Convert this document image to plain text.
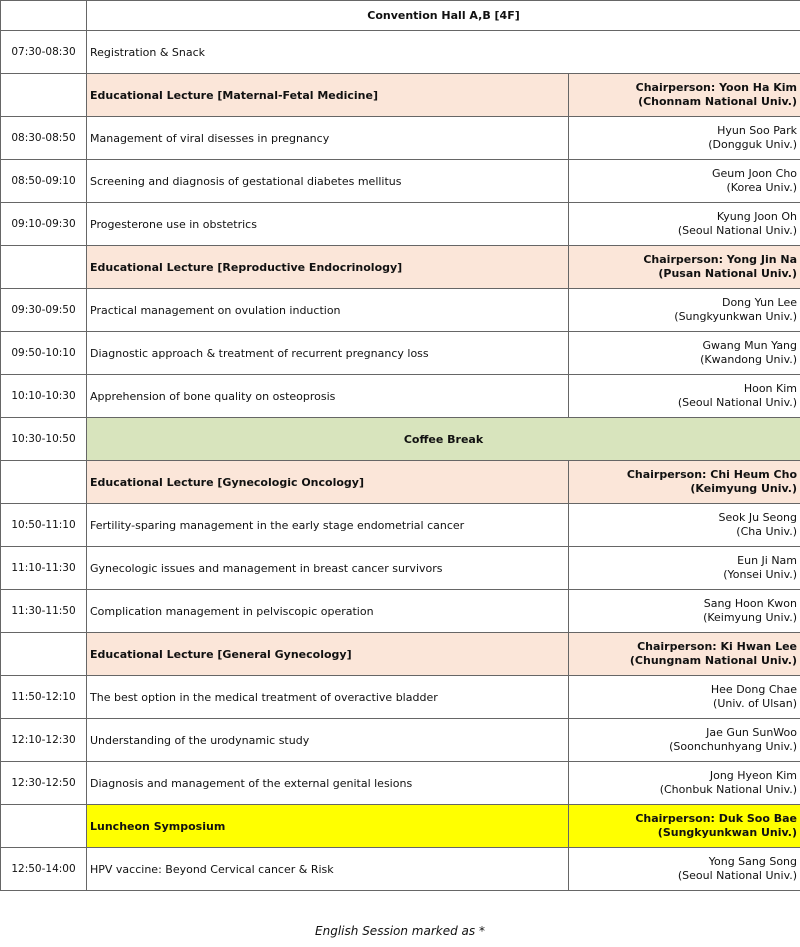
	Convention Hall A,B [4F]	
07:30-08:30	Registration & Snack	
	Educational Lecture [Maternal-Fetal Medicine]	Chairperson: Yoon Ha Kim
(Chonnam National Univ.)

08:30-08:50	Management of viral disesses in pregnancy	Hyun Soo Park
(Dongguk Univ.)

08:50-09:10	Screening and diagnosis of gestational diabetes mellitus	Geum Joon Cho
(Korea Univ.)

09:10-09:30	Progesterone use in obstetrics	Kyung Joon Oh
(Seoul National Univ.)

	Educational Lecture [Reproductive Endocrinology]	Chairperson: Yong Jin Na
(Pusan National Univ.)

09:30-09:50	Practical management on ovulation induction	Dong Yun Lee
(Sungkyunkwan Univ.)

09:50-10:10	Diagnostic approach & treatment of recurrent pregnancy loss	Gwang Mun Yang
(Kwandong Univ.)

10:10-10:30	Apprehension of bone quality on osteoprosis	Hoon Kim
(Seoul National Univ.)

10:30-10:50	Coffee Break	
	Educational Lecture [Gynecologic Oncology]	Chairperson: Chi Heum Cho
(Keimyung Univ.)

10:50-11:10	Fertility-sparing management in the early stage endometrial cancer	Seok Ju Seong
(Cha Univ.)

11:10-11:30	Gynecologic issues and management in breast cancer survivors	Eun Ji Nam
(Yonsei Univ.)

11:30-11:50	Complication management in pelviscopic operation	Sang Hoon Kwon
(Keimyung Univ.)

	Educational Lecture [General Gynecology]	Chairperson: Ki Hwan Lee
(Chungnam National Univ.)

11:50-12:10	The best option in the medical treatment of overactive bladder	Hee Dong Chae
(Univ. of Ulsan)

12:10-12:30	Understanding of the urodynamic study	Jae Gun SunWoo
(Soonchunhyang Univ.)

12:30-12:50	Diagnosis and management of the external genital lesions	Jong Hyeon Kim
(Chonbuk National Univ.)

	Luncheon Symposium	Chairperson: Duk Soo Bae
(Sungkyunkwan Univ.)

12:50-14:00	HPV vaccine: Beyond Cervical cancer & Risk	Yong Sang Song
(Seoul National Univ.)
English Session marked as *
